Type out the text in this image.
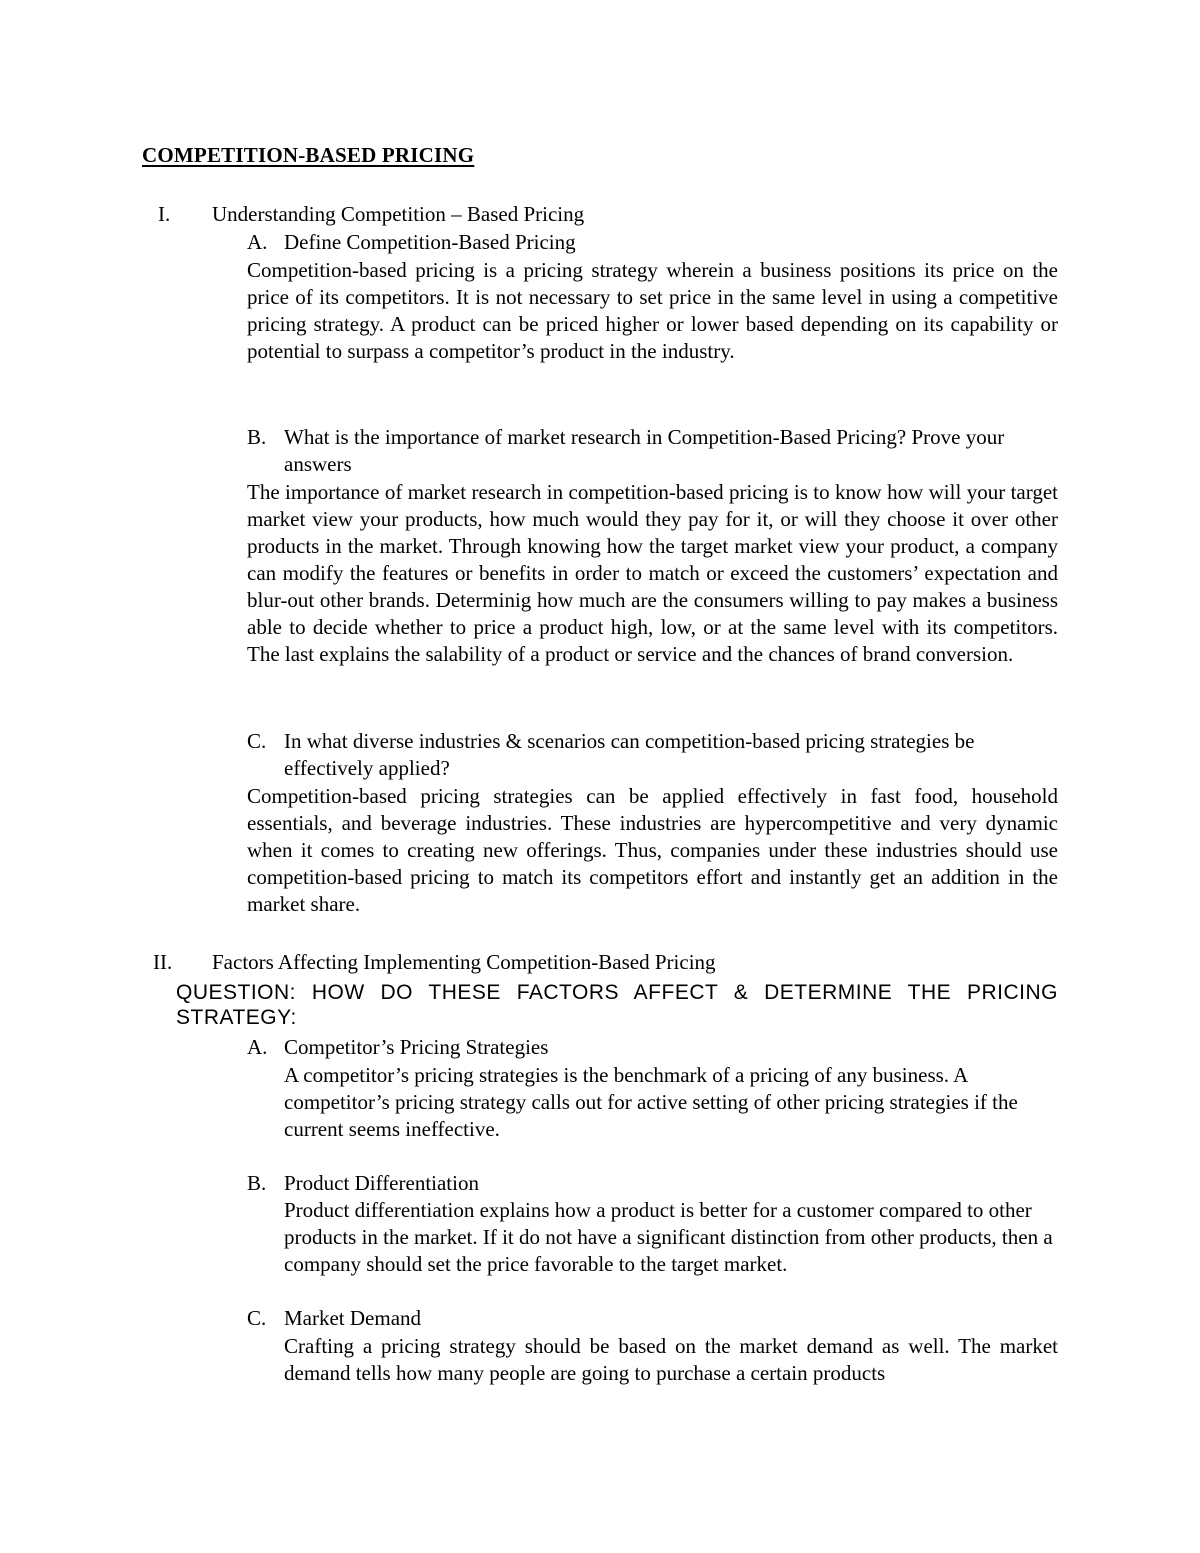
COMPETITION-BASED PRICING
I. Understanding Competition – Based Pricing
A. Define Competition-Based Pricing
Competition-based pricing is a pricing strategy wherein a business positions its price on the price of its competitors. It is not necessary to set price in the same level in using a competitive pricing strategy. A product can be priced higher or lower based depending on its capability or potential to surpass a competitor’s product in the industry.
B. What is the importance of market research in Competition-Based Pricing? Prove your answers
The importance of market research in competition-based pricing is to know how will your target market view your products, how much would they pay for it, or will they choose it over other products in the market. Through knowing how the target market view your product, a company can modify the features or benefits in order to match or exceed the customers’ expectation and blur-out other brands. Determinig how much are the consumers willing to pay makes a business able to decide whether to price a product high, low, or at the same level with its competitors. The last explains the salability of a product or service and the chances of brand conversion.
C. In what diverse industries & scenarios can competition-based pricing strategies be effectively applied?
Competition-based pricing strategies can be applied effectively in fast food, household essentials, and beverage industries. These industries are hypercompetitive and very dynamic when it comes to creating new offerings. Thus, companies under these industries should use competition-based pricing to match its competitors effort and instantly get an addition in the market share.
II. Factors Affecting Implementing Competition-Based Pricing
QUESTION: HOW DO THESE FACTORS AFFECT & DETERMINE THE PRICING STRATEGY:
A. Competitor’s Pricing Strategies
A competitor’s pricing strategies is the benchmark of a pricing of any business. A competitor’s pricing strategy calls out for active setting of other pricing strategies if the current seems ineffective.
B. Product Differentiation
Product differentiation explains how a product is better for a customer compared to other products in the market. If it do not have a significant distinction from other products, then a company should set the price favorable to the target market.
C. Market Demand
Crafting a pricing strategy should be based on the market demand as well. The market demand tells how many people are going to purchase a certain products
